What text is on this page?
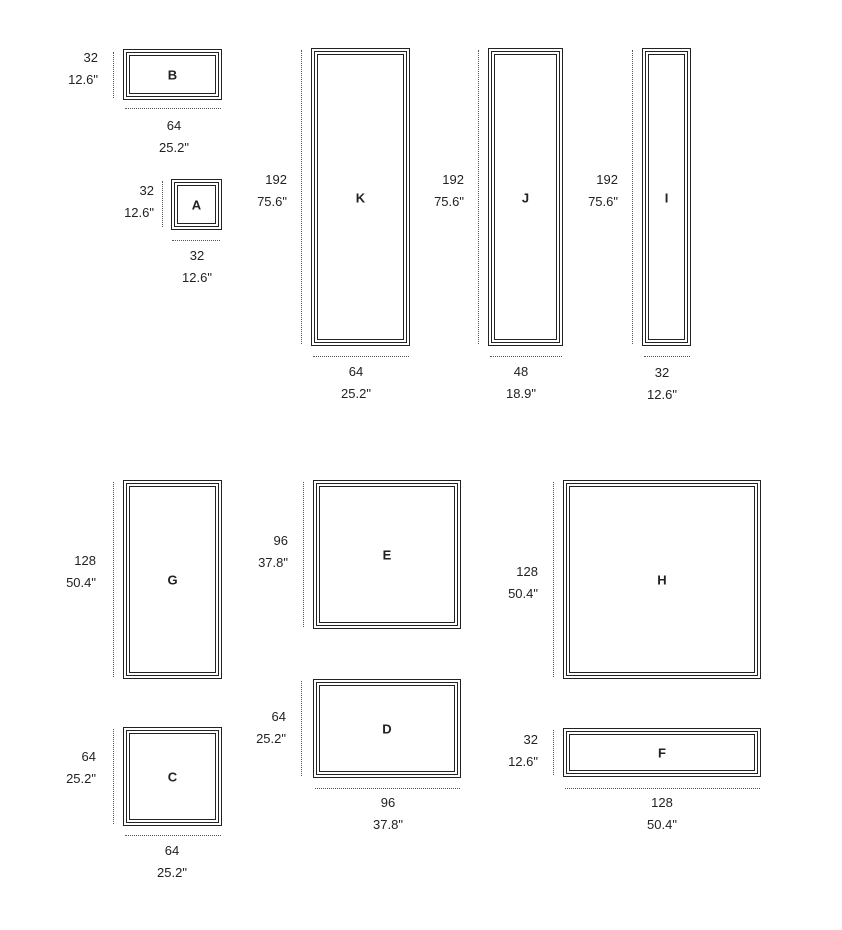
B
32
12.6"
64
25.2"
A
32
12.6"
32
12.6"
K
192
75.6"
64
25.2"
J
192
75.6"
48
18.9"
I
192
75.6"
32
12.6"
G
128
50.4"
C
64
25.2"
64
25.2"
E
96
37.8"
D
64
25.2"
96
37.8"
H
128
50.4"
F
32
12.6"
128
50.4"
